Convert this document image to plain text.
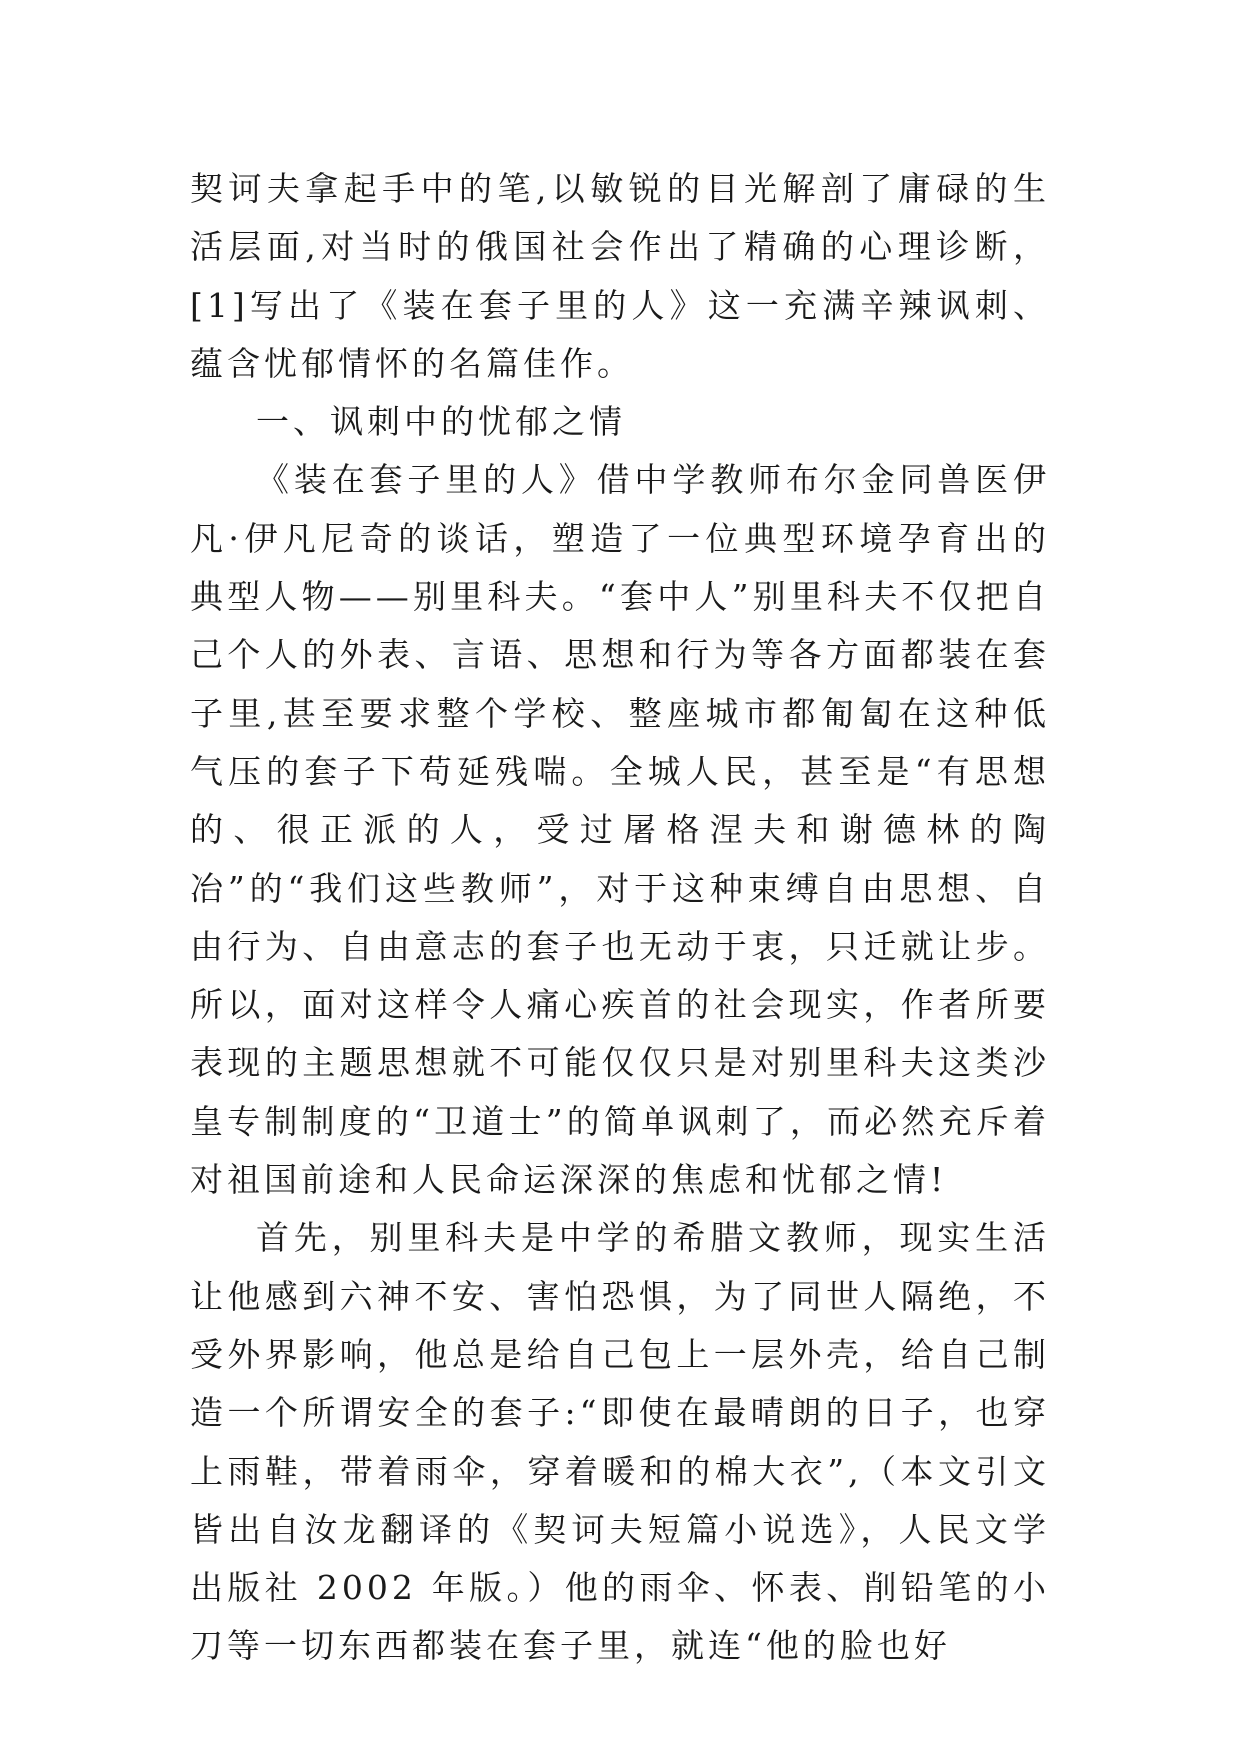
契诃夫拿起手中的笔,以敏锐的目光解剖了庸碌的生活层面,对当时的俄国社会作出了精确的心理诊断，[1]写出了《装在套子里的人》这一充满辛辣讽刺、蕴含忧郁情怀的名篇佳作。

一、讽刺中的忧郁之情

《装在套子里的人》借中学教师布尔金同兽医伊凡·伊凡尼奇的谈话，塑造了一位典型环境孕育出的典型人物——别里科夫。“套中人”别里科夫不仅把自己个人的外表、言语、思想和行为等各方面都装在套子里,甚至要求整个学校、整座城市都匍匐在这种低气压的套子下苟延残喘。全城人民，甚至是“有思想的、很正派的人，受过屠格涅夫和谢德林的陶冶”的“我们这些教师”，对于这种束缚自由思想、自由行为、自由意志的套子也无动于衷，只迁就让步。所以，面对这样令人痛心疾首的社会现实，作者所要表现的主题思想就不可能仅仅只是对别里科夫这类沙皇专制制度的“卫道士”的简单讽刺了，而必然充斥着对祖国前途和人民命运深深的焦虑和忧郁之情!

首先，别里科夫是中学的希腊文教师，现实生活让他感到六神不安、害怕恐惧，为了同世人隔绝，不受外界影响，他总是给自己包上一层外壳，给自己制造一个所谓安全的套子:“即使在最晴朗的日子，也穿上雨鞋，带着雨伞，穿着暖和的棉大衣”,（本文引文皆出自汝龙翻译的《契诃夫短篇小说选》，人民文学出版社 2002 年版。）他的雨伞、怀表、削铅笔的小刀等一切东西都装在套子里，就连“他的脸也好
